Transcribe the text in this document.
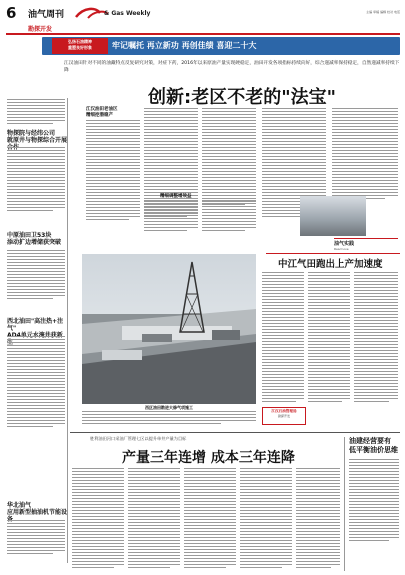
6 油气周刊
勘探开发
& Gas Weekly	主编 审稿 编辑 校对 电话
弘扬石油精神
重塑良好形象	牢记嘱托 再立新功 再创佳绩 喜迎二十大
江汉油田针对不同的油藏特点反复研究对策，对症下药，2016年以来原油产量实现硬稳定，油田开发各项指标持续向好，综合递减率保持稳定，自然递减率持续下降
创新:老区不老的"法宝"
物探院与经纬公司
就原井与物探综合开展
中原油田卫53块
添动扩边增储获突破
西北油田"高注热+注气"
华北油气
应用新型抽油机节能设
江汉油田老油区
精细挖潜稳产
精细调整增效益
油气实践
Read Live
西区油田勘进大修气项施工
中江气田跑出上产加速度
江汉石油管理局
勘探开发
胜利油田河口采油厂管理七区以提升单井产量为目标
产量三年连增 成本三年连降
油建经营要有
低平衡油价思维
